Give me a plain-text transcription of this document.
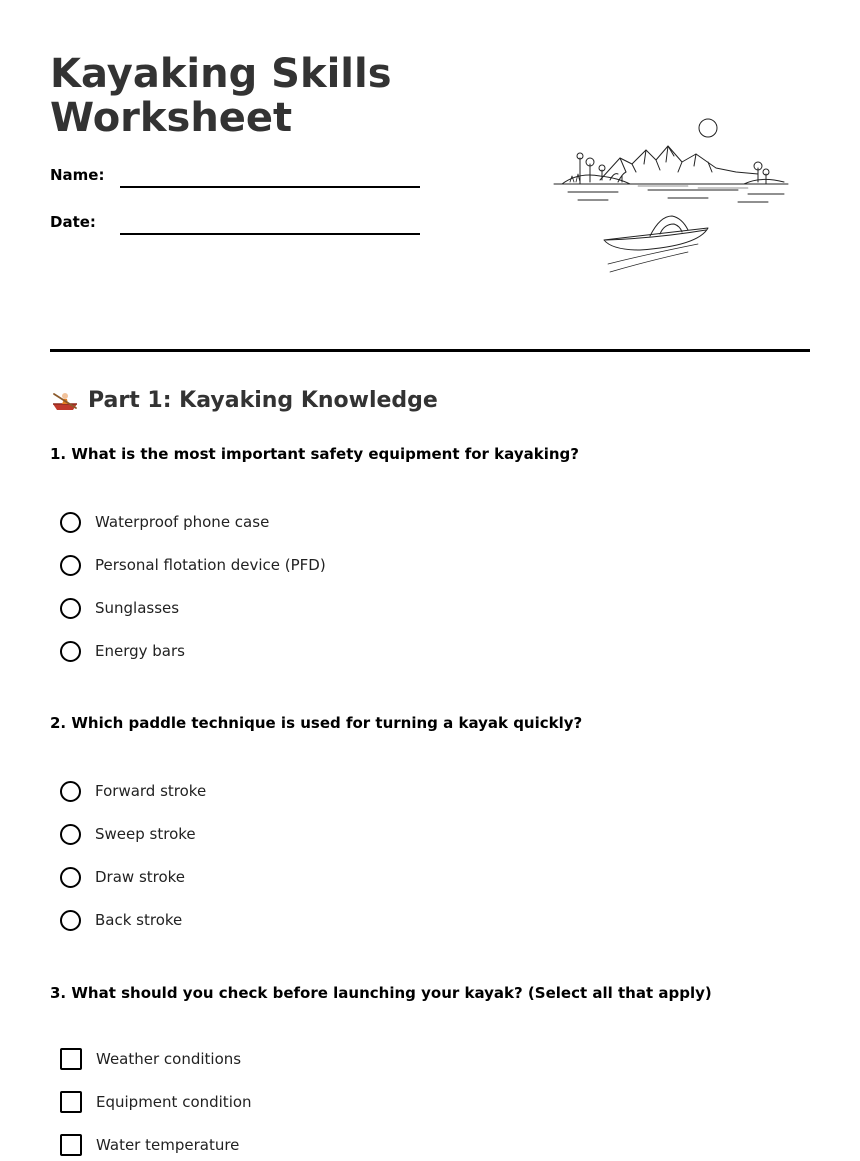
Kayaking Skills
Worksheet
Name:
Date:
Part 1: Kayaking Knowledge

1. What is the most important safety equipment for kayaking?

Waterproof phone case
Personal flotation device (PFD)
Sunglasses
Energy bars

2. Which paddle technique is used for turning a kayak quickly?

Forward stroke
Sweep stroke
Draw stroke
Back stroke

3. What should you check before launching your kayak? (Select all that apply)

Weather conditions
Equipment condition
Water temperature
